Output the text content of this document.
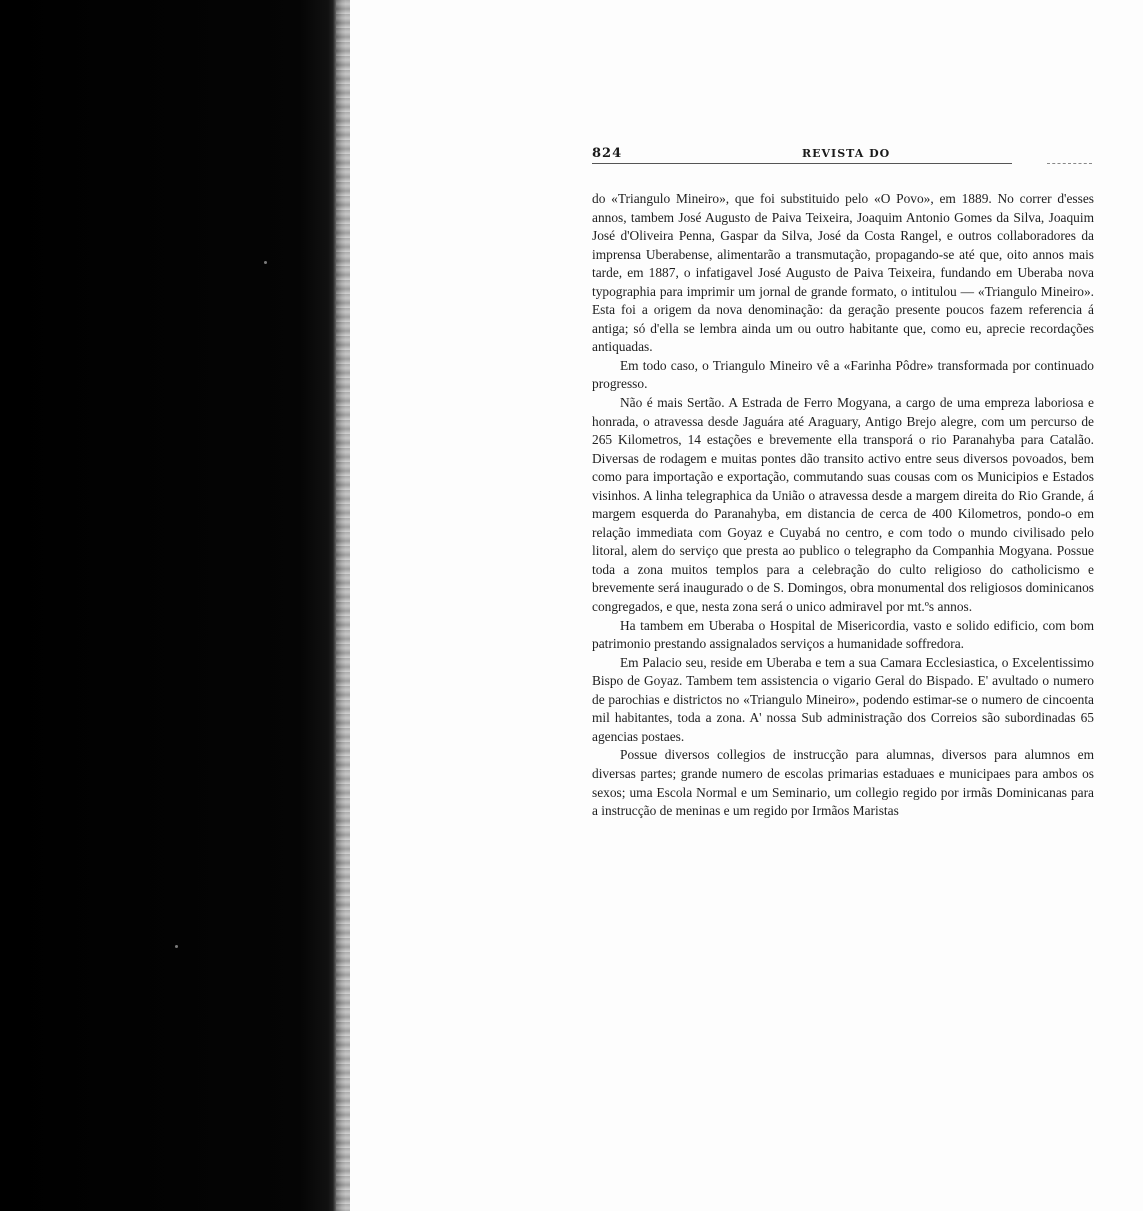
824	REVISTA DO

do «Triangulo Mineiro», que foi substituido pelo «O Povo», em 1889. No correr d'esses annos, tambem José Augusto de Paiva Teixeira, Joaquim Antonio Gomes da Silva, Joaquim José d'Oliveira Penna, Gaspar da Silva, José da Costa Rangel, e outros collaboradores da imprensa Uberabense, alimentarão a transmutação, propagando-se até que, oito annos mais tarde, em 1887, o infatigavel José Augusto de Paiva Teixeira, fundando em Uberaba nova typographia para imprimir um jornal de grande formato, o intitulou — «Triangulo Mineiro». Esta foi a origem da nova denominação: da geração presente poucos fazem referencia á antiga; só d'ella se lembra ainda um ou outro habitante que, como eu, aprecie recordações antiquadas.

Em todo caso, o Triangulo Mineiro vê a «Farinha Pôdre» transformada por continuado progresso.

Não é mais Sertão. A Estrada de Ferro Mogyana, a cargo de uma empreza laboriosa e honrada, o atravessa desde Jaguára até Araguary, Antigo Brejo alegre, com um percurso de 265 Kilometros, 14 estações e brevemente ella transporá o rio Paranahyba para Catalão. Diversas de rodagem e muitas pontes dão transito activo entre seus diversos povoados, bem como para importação e exportação, commutando suas cousas com os Municipios e Estados visinhos. A linha telegraphica da União o atravessa desde a margem direita do Rio Grande, á margem esquerda do Paranahyba, em distancia de cerca de 400 Kilometros, pondo-o em relação immediata com Goyaz e Cuyabá no centro, e com todo o mundo civilisado pelo litoral, alem do serviço que presta ao publico o telegrapho da Companhia Mogyana. Possue toda a zona muitos templos para a celebração do culto religioso do catholicismo e brevemente será inaugurado o de S. Domingos, obra monumental dos religiosos dominicanos congregados, e que, nesta zona será o unico admiravel por mt.ºs annos.

Ha tambem em Uberaba o Hospital de Misericordia, vasto e solido edificio, com bom patrimonio prestando assignalados serviços a humanidade soffredora.

Em Palacio seu, reside em Uberaba e tem a sua Camara Ecclesiastica, o Excelentissimo Bispo de Goyaz. Tambem tem assistencia o vigario Geral do Bispado. E' avultado o numero de parochias e districtos no «Triangulo Mineiro», podendo estimar-se o numero de cincoenta mil habitantes, toda a zona. A' nossa Sub administração dos Correios são subordinadas 65 agencias postaes.

Possue diversos collegios de instrucção para alumnas, diversos para alumnos em diversas partes; grande numero de escolas primarias estaduaes e municipaes para ambos os sexos; uma Escola Normal e um Seminario, um collegio regido por irmãs Dominicanas para a instrucção de meninas e um regido por Irmãos Maristas
